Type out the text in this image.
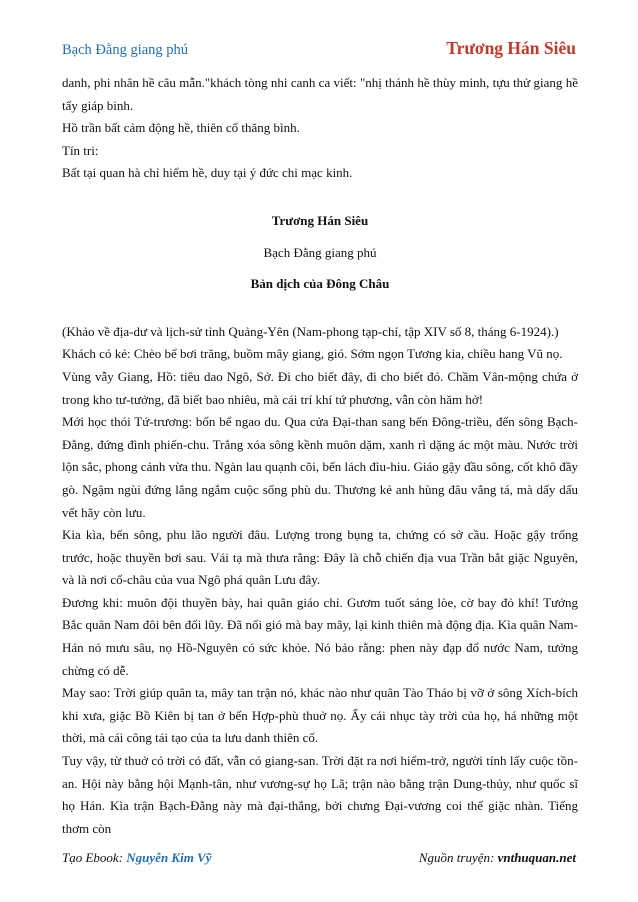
Bạch Đằng giang phú	Trương Hán Siêu

danh, phi nhân hề câu mẫn."khách tòng nhi canh ca viết: "nhị thánh hề thùy minh, tựu thử giang hề tẩy giáp binh.

Hồ trần bất cảm động hề, thiên cổ thăng bình.

Tín tri:

Bất tại quan hà chỉ hiểm hề, duy tại ý đức chi mạc kinh.

Trương Hán Siêu

Bạch Đằng giang phú

Bản dịch của Đông Châu

(Khảo về địa-dư và lịch-sử tỉnh Quảng-Yên (Nam-phong tạp-chí, tập XIV số 8, tháng 6-1924).)

Khách có kẻ: Chèo bể bơi trăng, buồm mây giang, gió. Sớm ngọn Tương kia, chiều hang Vũ nọ.

Vùng vẫy Giang, Hồ: tiêu dao Ngô, Sở. Đi cho biết đây, đi cho biết đó. Chầm Vân-mộng chứa ở trong kho tư-tưởng, đã biết bao nhiêu, mà cái trí khí tứ phương, vẫn còn hăm hở!

Mới học thói Tứ-trương: bốn bể ngao du. Qua cửa Đại-than sang bến Đông-triều, đến sông Bạch-Đằng, đứng đình phiến-chu. Trắng xóa sông kềnh muôn dặm, xanh rì dặng ác một màu. Nước trời lộn sắc, phong cảnh vừa thu. Ngàn lau quạnh cõi, bến lách đìu-hiu. Giáo gậy đầu sông, cốt khô đầy gò. Ngậm ngùi đứng lắng ngắm cuộc sống phù du. Thương kẻ anh hùng đâu vắng tá, mà dấy dấu vết hãy còn lưu.

Kia kìa, bến sông, phu lão người đâu. Lượng trong bụng ta, chứng có sở cầu. Hoặc gậy trống trước, hoặc thuyền bơi sau. Vái tạ mà thưa rằng: Đây là chỗ chiến địa vua Trần bắt giặc Nguyên, và là nơi cổ-châu của vua Ngô phá quân Lưu đây.

Đương khi: muôn đội thuyền bày, hai quân giáo chỉ. Gươm tuốt sáng lòe, cờ bay đỏ khí! Tướng Bắc quân Nam đôi bên đối lũy. Đã nổi gió mà bay mây, lại kinh thiên mà động địa. Kìa quân Nam-Hán nó mưu sâu, nọ Hồ-Nguyên có sức khỏe. Nó bảo rằng: phen này đạp đổ nước Nam, tưởng chừng có dễ.

May sao: Trời giúp quân ta, mây tan trận nó, khác nào như quân Tào Tháo bị vỡ ở sông Xích-bích khi xưa, giặc Bồ Kiên bị tan ở bến Hợp-phù thuở nọ. Ấy cái nhục tày trời của họ, há những một thời, mà cái công tái tạo của ta lưu danh thiên cổ.

Tuy vậy, từ thuở có trời có đất, vẫn có giang-san. Trời đặt ra nơi hiểm-trở, người tính lấy cuộc tồn-an. Hội này bằng hội Mạnh-tân, như vương-sự họ Lã; trận nào bằng trận Dung-thủy, như quốc sĩ họ Hán. Kìa trận Bạch-Đằng này mà đại-thắng, bởi chưng Đại-vương coi thế giặc nhàn. Tiếng thơm còn

Tạo Ebook: Nguyễn Kim Vỹ	Nguồn truyện: vnthuquan.net
